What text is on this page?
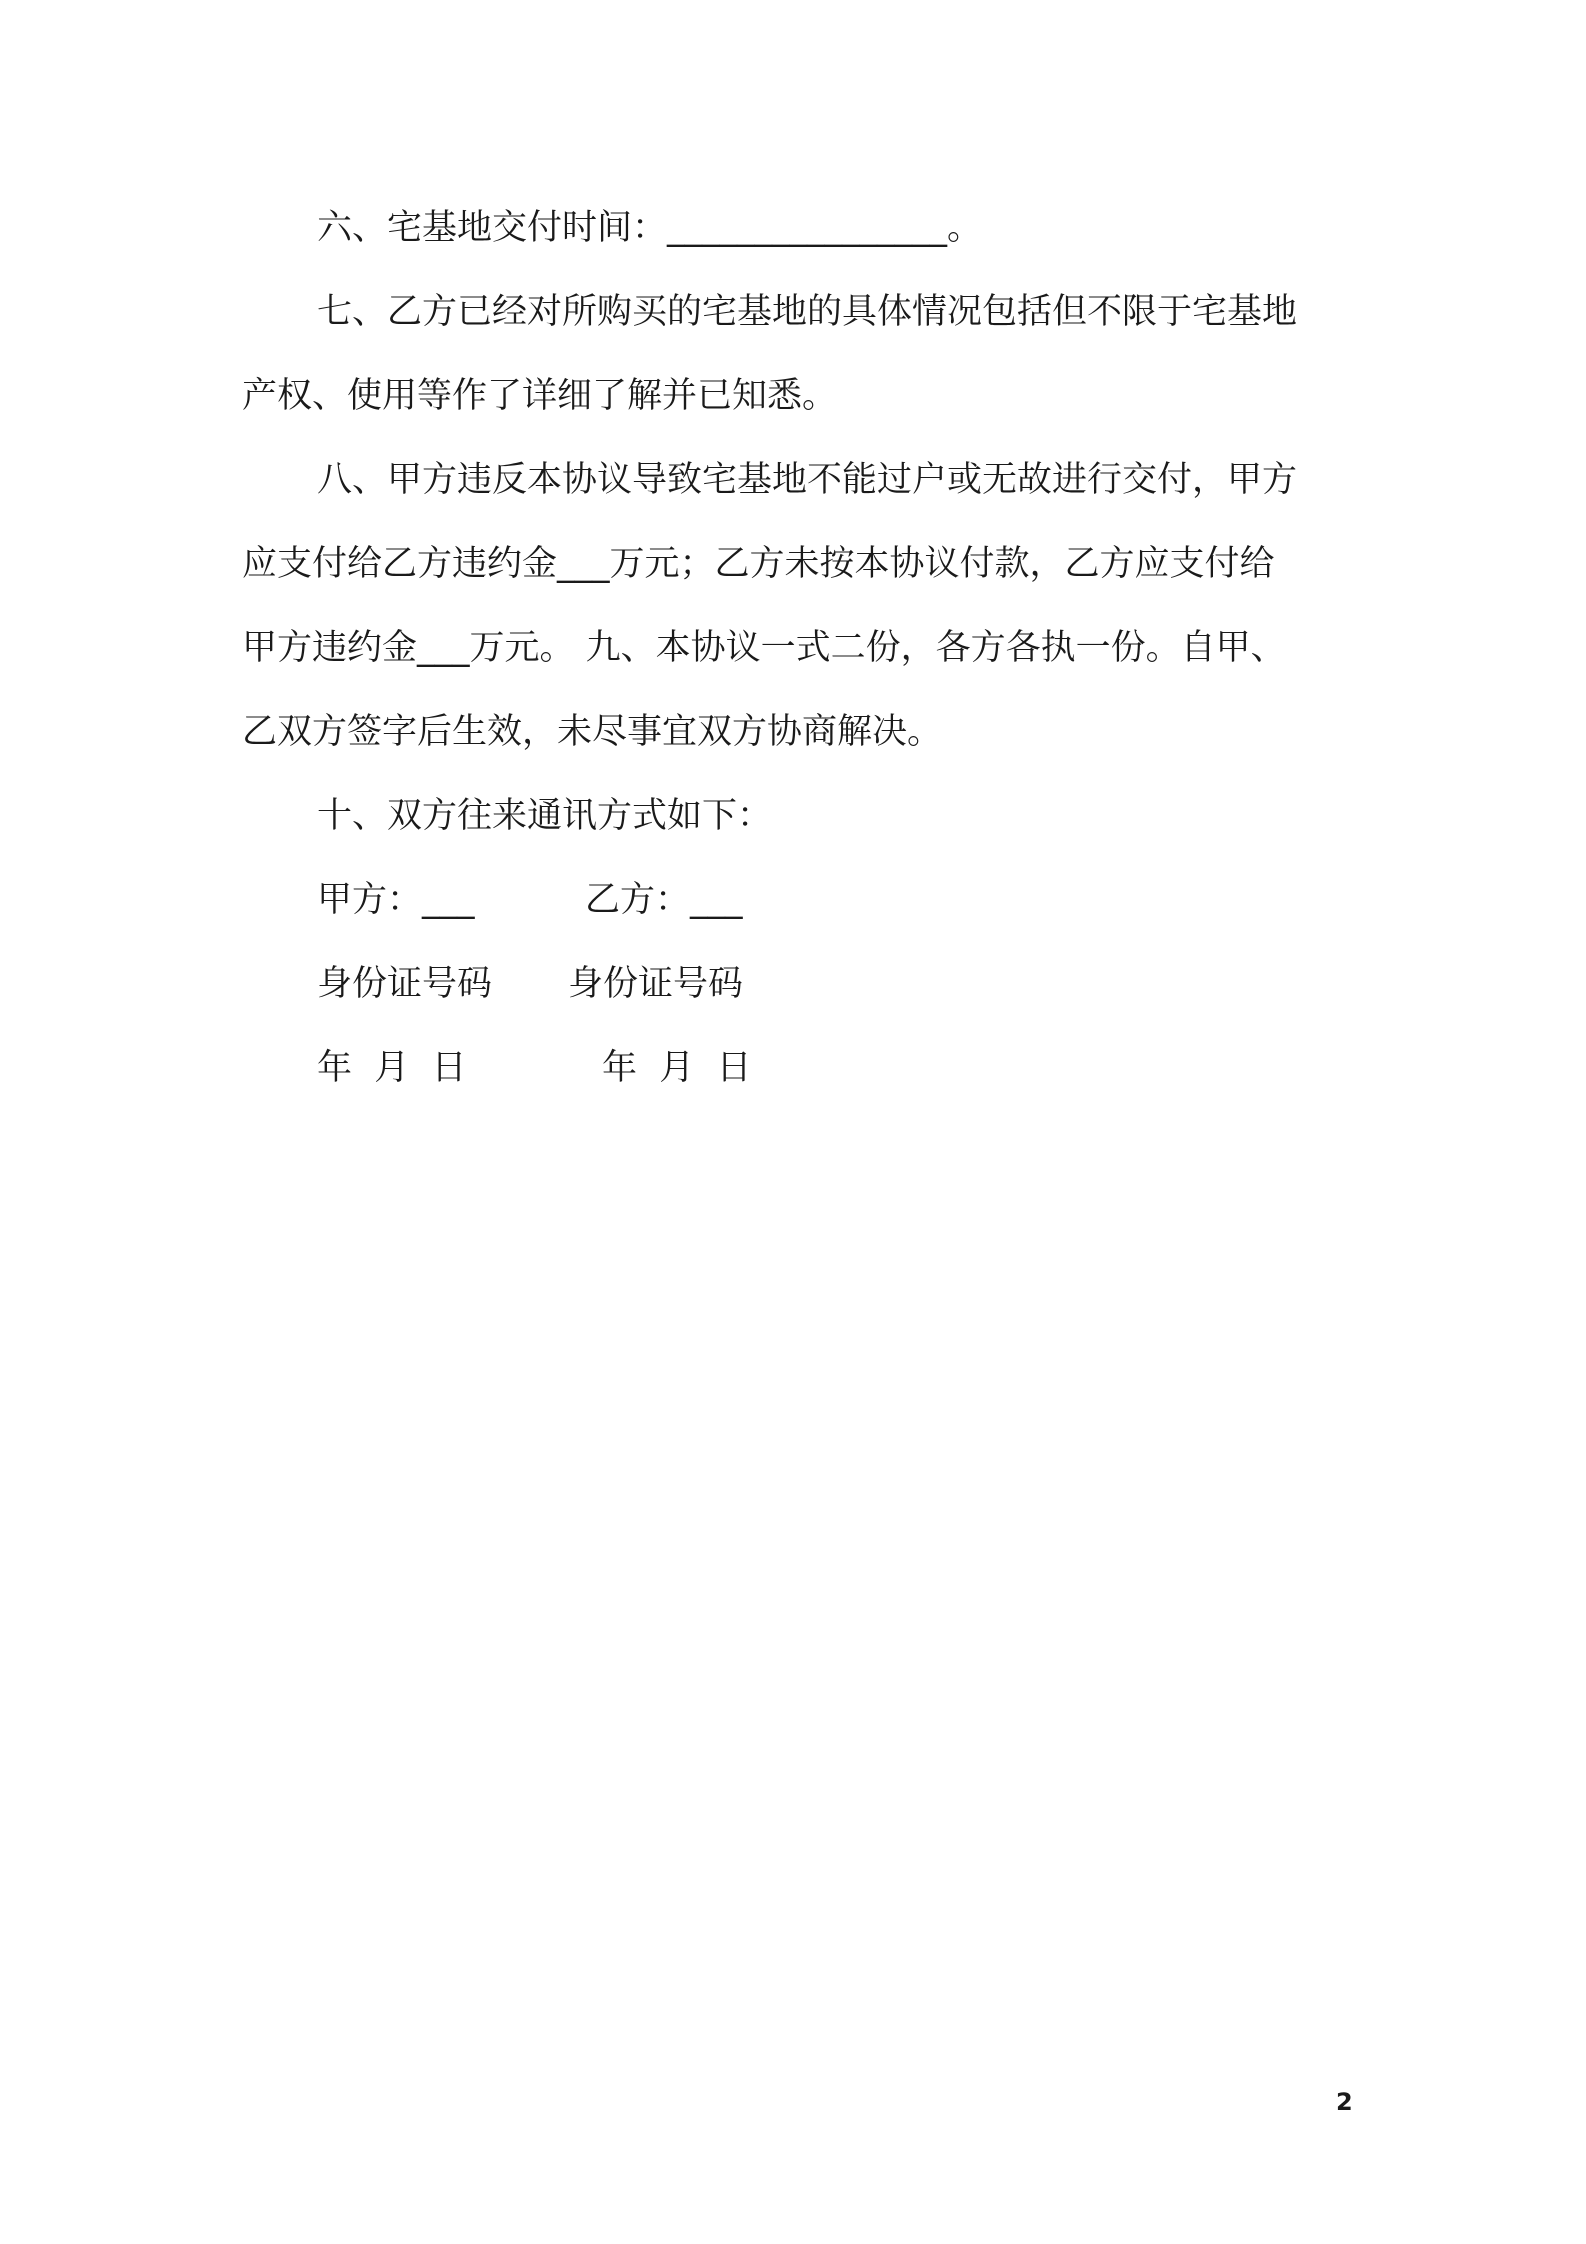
六、宅基地交付时间：________________。

七、乙方已经对所购买的宅基地的具体情况包括但不限于宅基地
产权、使用等作了详细了解并已知悉。

八、甲方违反本协议导致宅基地不能过户或无故进行交付，甲方
应支付给乙方违约金___万元；乙方未按本协议付款，乙方应支付给
甲方违约金___万元。 九、本协议一式二份，各方各执一份。自甲、
乙双方签字后生效，未尽事宜双方协商解决。

十、双方往来通讯方式如下：

甲方：___	乙方：___
身份证号码 身份证号码
年  月  日	年  月  日
2
